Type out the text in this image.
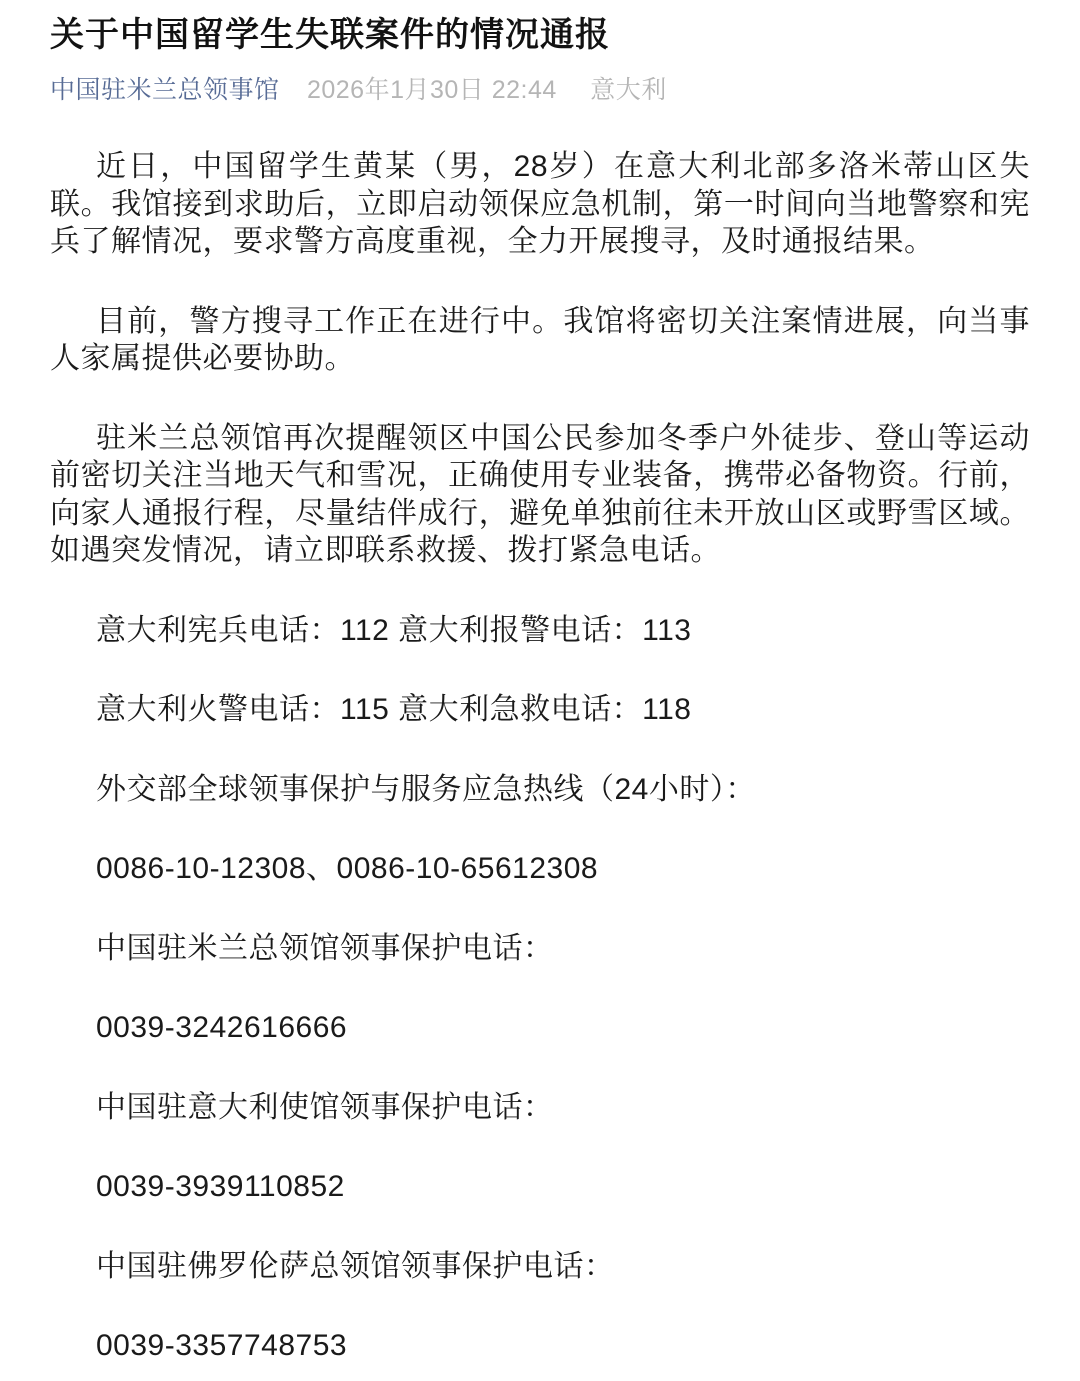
关于中国留学生失联案件的情况通报
中国驻米兰总领事馆 2026年1月30日 22:44 意大利

近日，中国留学生黄某（男，28岁）在意大利北部多洛米蒂山区失联。我馆接到求助后，立即启动领保应急机制，第一时间向当地警察和宪兵了解情况，要求警方高度重视，全力开展搜寻，及时通报结果。

目前，警方搜寻工作正在进行中。我馆将密切关注案情进展，向当事人家属提供必要协助。

驻米兰总领馆再次提醒领区中国公民参加冬季户外徒步、登山等运动前密切关注当地天气和雪况，正确使用专业装备，携带必备物资。行前，向家人通报行程，尽量结伴成行，避免单独前往未开放山区或野雪区域。如遇突发情况，请立即联系救援、拨打紧急电话。

意大利宪兵电话：112 意大利报警电话：113

意大利火警电话：115 意大利急救电话：118

外交部全球领事保护与服务应急热线（24小时）：

0086-10-12308、0086-10-65612308

中国驻米兰总领馆领事保护电话：

0039-3242616666

中国驻意大利使馆领事保护电话：

0039-3939110852

中国驻佛罗伦萨总领馆领事保护电话：

0039-3357748753
